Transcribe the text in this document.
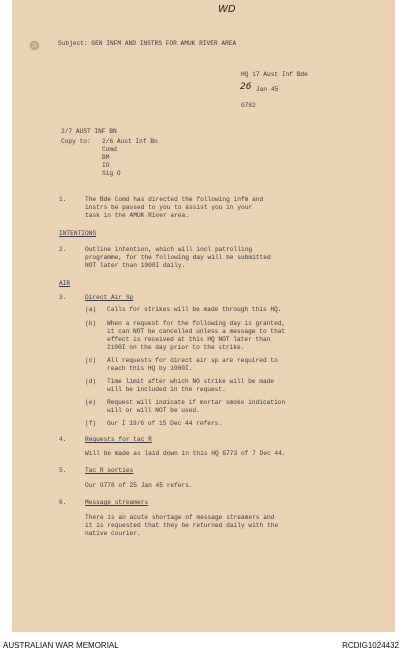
WD
Subject: GEN INFM AND INSTRS FOR AMUK RIVER AREA
HQ 17 Aust Inf Bde
26 Jan 45
G782
2/7 AUST INF BN
Copy to: 2/6 Aust Inf Bn
Comd
BM
IO
Sig O
1.	The Bde Comd has directed the following infm and
instrs be passed to you to assist you in your
task in the AMUK River area.
INTENTIONS
2.	Outline intention, which will incl patrolling
programme, for the following day will be submitted
NOT later than 1900I daily.
AIR
3.	Direct Air Sp
(a) Calls for strikes will be made through this HQ.
(b) When a request for the following day is granted,
it can NOT be cancelled unless a message to that
effect is received at this HQ NOT later than
2100I on the day prior to the strike.
(c) All requests for direct air sp are required to
reach this HQ by 1900I.
(d) Time limit after which NO strike will be made
will be included in the request.
(e) Request will indicate if mortar smoke indication
will or will NOT be used.
(f) Our I 19/6 of 15 Dec 44 refers.
4.	Requests for tac R
Will be made as laid down in this HQ G773 of 7 Dec 44.
5.	Tac R sorties
Our G778 of 25 Jan 45 refers.
6.	Message streamers
There is an acute shortage of message streamers and
it is requested that they be returned daily with the
native courier.
AUSTRALIAN WAR MEMORIAL	RCDIG1024432
